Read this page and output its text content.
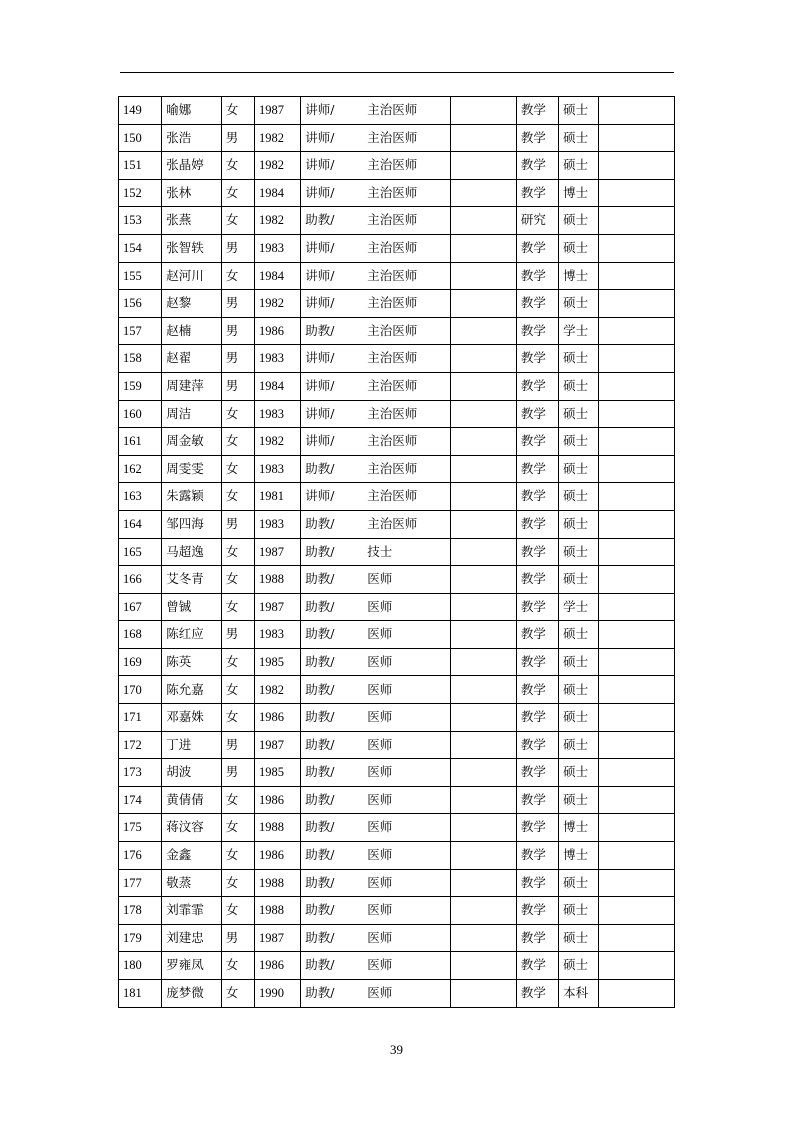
149	喻娜	女	1987	讲师/ 主治医师		教学	硕士	
150	张浩	男	1982	讲师/ 主治医师		教学	硕士	
151	张晶婷	女	1982	讲师/ 主治医师		教学	硕士	
152	张林	女	1984	讲师/ 主治医师		教学	博士	
153	张燕	女	1982	助教/ 主治医师		研究	硕士	
154	张智轶	男	1983	讲师/ 主治医师		教学	硕士	
155	赵河川	女	1984	讲师/ 主治医师		教学	博士	
156	赵黎	男	1982	讲师/ 主治医师		教学	硕士	
157	赵楠	男	1986	助教/ 主治医师		教学	学士	
158	赵翟	男	1983	讲师/ 主治医师		教学	硕士	
159	周建萍	男	1984	讲师/ 主治医师		教学	硕士	
160	周洁	女	1983	讲师/ 主治医师		教学	硕士	
161	周金敏	女	1982	讲师/ 主治医师		教学	硕士	
162	周雯雯	女	1983	助教/ 主治医师		教学	硕士	
163	朱露颖	女	1981	讲师/ 主治医师		教学	硕士	
164	邹四海	男	1983	助教/ 主治医师		教学	硕士	
165	马超逸	女	1987	助教/ 技士		教学	硕士	
166	艾冬青	女	1988	助教/ 医师		教学	硕士	
167	曾铖	女	1987	助教/ 医师		教学	学士	
168	陈红应	男	1983	助教/ 医师		教学	硕士	
169	陈英	女	1985	助教/ 医师		教学	硕士	
170	陈允嘉	女	1982	助教/ 医师		教学	硕士	
171	邓嘉姝	女	1986	助教/ 医师		教学	硕士	
172	丁进	男	1987	助教/ 医师		教学	硕士	
173	胡波	男	1985	助教/ 医师		教学	硕士	
174	黄倩倩	女	1986	助教/ 医师		教学	硕士	
175	蒋汶容	女	1988	助教/ 医师		教学	博士	
176	金鑫	女	1986	助教/ 医师		教学	博士	
177	敬蒸	女	1988	助教/ 医师		教学	硕士	
178	刘霏霏	女	1988	助教/ 医师		教学	硕士	
179	刘建忠	男	1987	助教/ 医师		教学	硕士	
180	罗雍凤	女	1986	助教/ 医师		教学	硕士	
181	庞梦微	女	1990	助教/ 医师		教学	本科	
39
